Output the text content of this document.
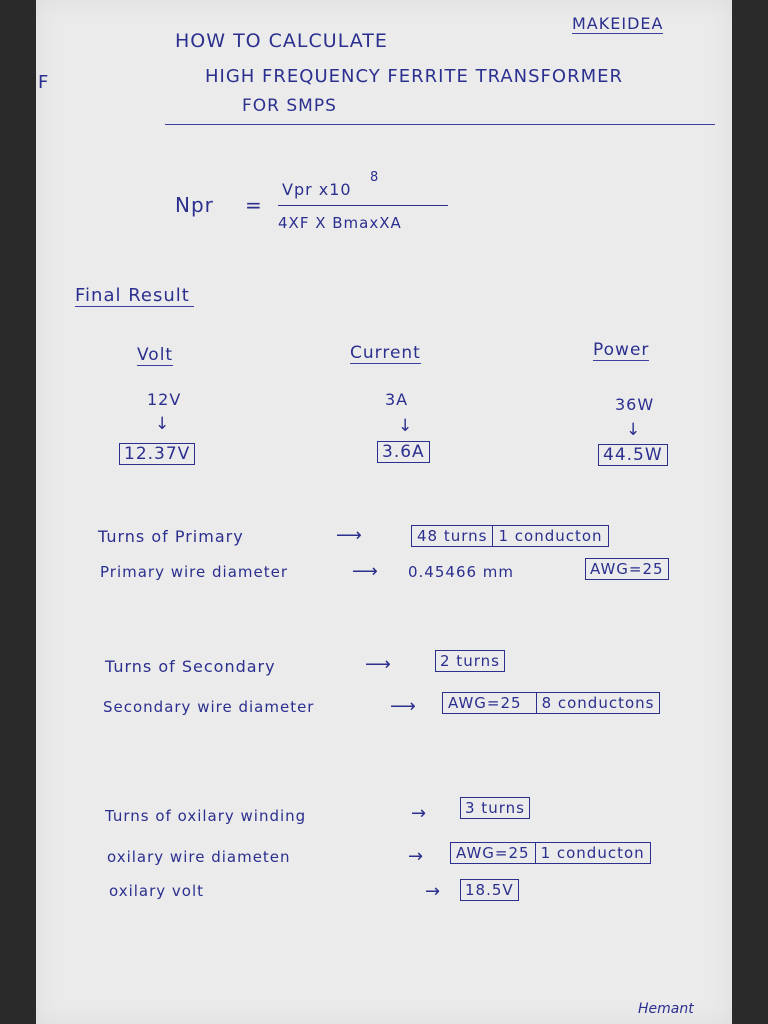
F
MAKEIDEA
HOW TO CALCULATE
HIGH FREQUENCY FERRITE TRANSFORMER
FOR SMPS
Npr =
Vpr x10
8
4XF X BmaxXA
Final Result
Volt	Current	Power
12V	3A	36W
↓	↓	↓
12.37V	3.6A	44.5W
Turns of Primary	⟶	48 turns 1 conducton
Primary wire diameter	⟶ 0.45466 mm	AWG=25
Turns of Secondary	⟶	2 turns
Secondary wire diameter	⟶	AWG=25 8 conductons
Turns of oxilary winding	→	3 turns
oxilary wire diameten	→	AWG=25 1 conducton
oxilary volt	→	18.5V
Hemant
